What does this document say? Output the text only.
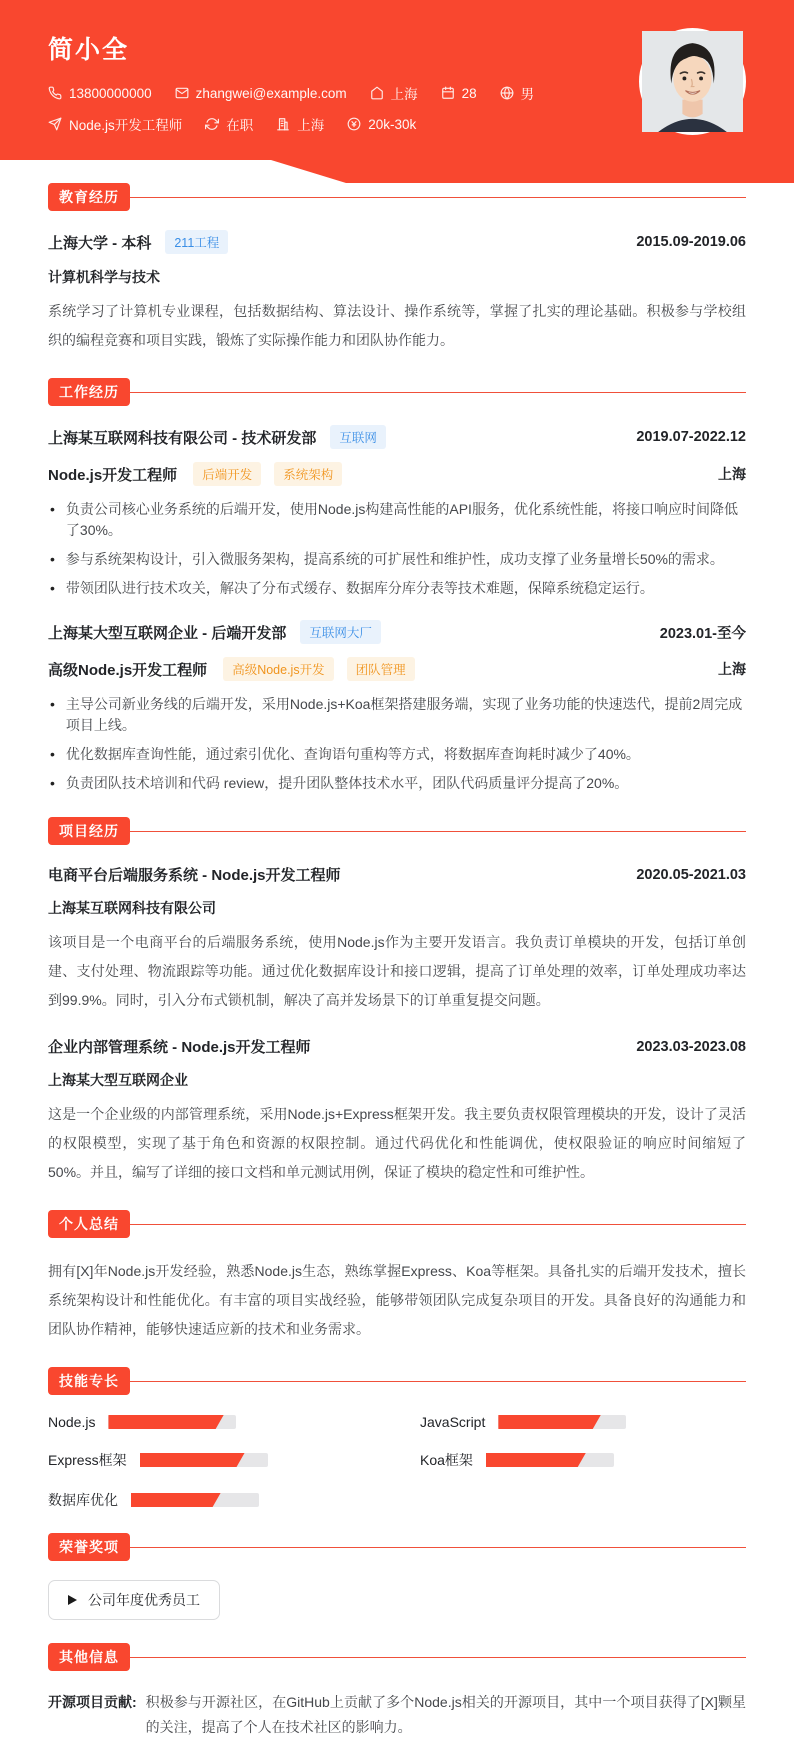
简小全
13800000000	zhangwei@example.com	上海	28	男
Node.js开发工程师	在职	上海	20k-30k
教育经历
上海大学 - 本科	211工程	2015.09-2019.06
计算机科学与技术

系统学习了计算机专业课程，包括数据结构、算法设计、操作系统等，掌握了扎实的理论基础。积极参与学校组织的编程竞赛和项目实践，锻炼了实际操作能力和团队协作能力。

工作经历
上海某互联网科技有限公司 - 技术研发部	互联网	2019.07-2022.12
Node.js开发工程师	后端开发	系统架构	上海
• 负责公司核心业务系统的后端开发，使用Node.js构建高性能的API服务，优化系统性能，将接口响应时间降低了30%。
• 参与系统架构设计，引入微服务架构，提高系统的可扩展性和维护性，成功支撑了业务量增长50%的需求。
• 带领团队进行技术攻关，解决了分布式缓存、数据库分库分表等技术难题，保障系统稳定运行。
上海某大型互联网企业 - 后端开发部	互联网大厂	2023.01-至今
高级Node.js开发工程师	高级Node.js开发	团队管理	上海
• 主导公司新业务线的后端开发，采用Node.js+Koa框架搭建服务端，实现了业务功能的快速迭代，提前2周完成项目上线。
• 优化数据库查询性能，通过索引优化、查询语句重构等方式，将数据库查询耗时减少了40%。
• 负责团队技术培训和代码 review，提升团队整体技术水平，团队代码质量评分提高了20%。
项目经历
电商平台后端服务系统 - Node.js开发工程师	2020.05-2021.03
上海某互联网科技有限公司

该项目是一个电商平台的后端服务系统，使用Node.js作为主要开发语言。我负责订单模块的开发，包括订单创建、支付处理、物流跟踪等功能。通过优化数据库设计和接口逻辑，提高了订单处理的效率，订单处理成功率达到99.9%。同时，引入分布式锁机制，解决了高并发场景下的订单重复提交问题。

企业内部管理系统 - Node.js开发工程师	2023.03-2023.08
上海某大型互联网企业

这是一个企业级的内部管理系统，采用Node.js+Express框架开发。我主要负责权限管理模块的开发，设计了灵活的权限模型，实现了基于角色和资源的权限控制。通过代码优化和性能调优，使权限验证的响应时间缩短了50%。并且，编写了详细的接口文档和单元测试用例，保证了模块的稳定性和可维护性。

个人总结

拥有[X]年Node.js开发经验，熟悉Node.js生态，熟练掌握Express、Koa等框架。具备扎实的后端开发技术，擅长系统架构设计和性能优化。有丰富的项目实战经验，能够带领团队完成复杂项目的开发。具备良好的沟通能力和团队协作精神，能够快速适应新的技术和业务需求。

技能专长
Node.js	JavaScript
Express框架	Koa框架
数据库优化
荣誉奖项
公司年度优秀员工
其他信息
开源项目贡献: 积极参与开源社区，在GitHub上贡献了多个Node.js相关的开源项目，其中一个项目获得了[X]颗星的关注，提高了个人在技术社区的影响力。
